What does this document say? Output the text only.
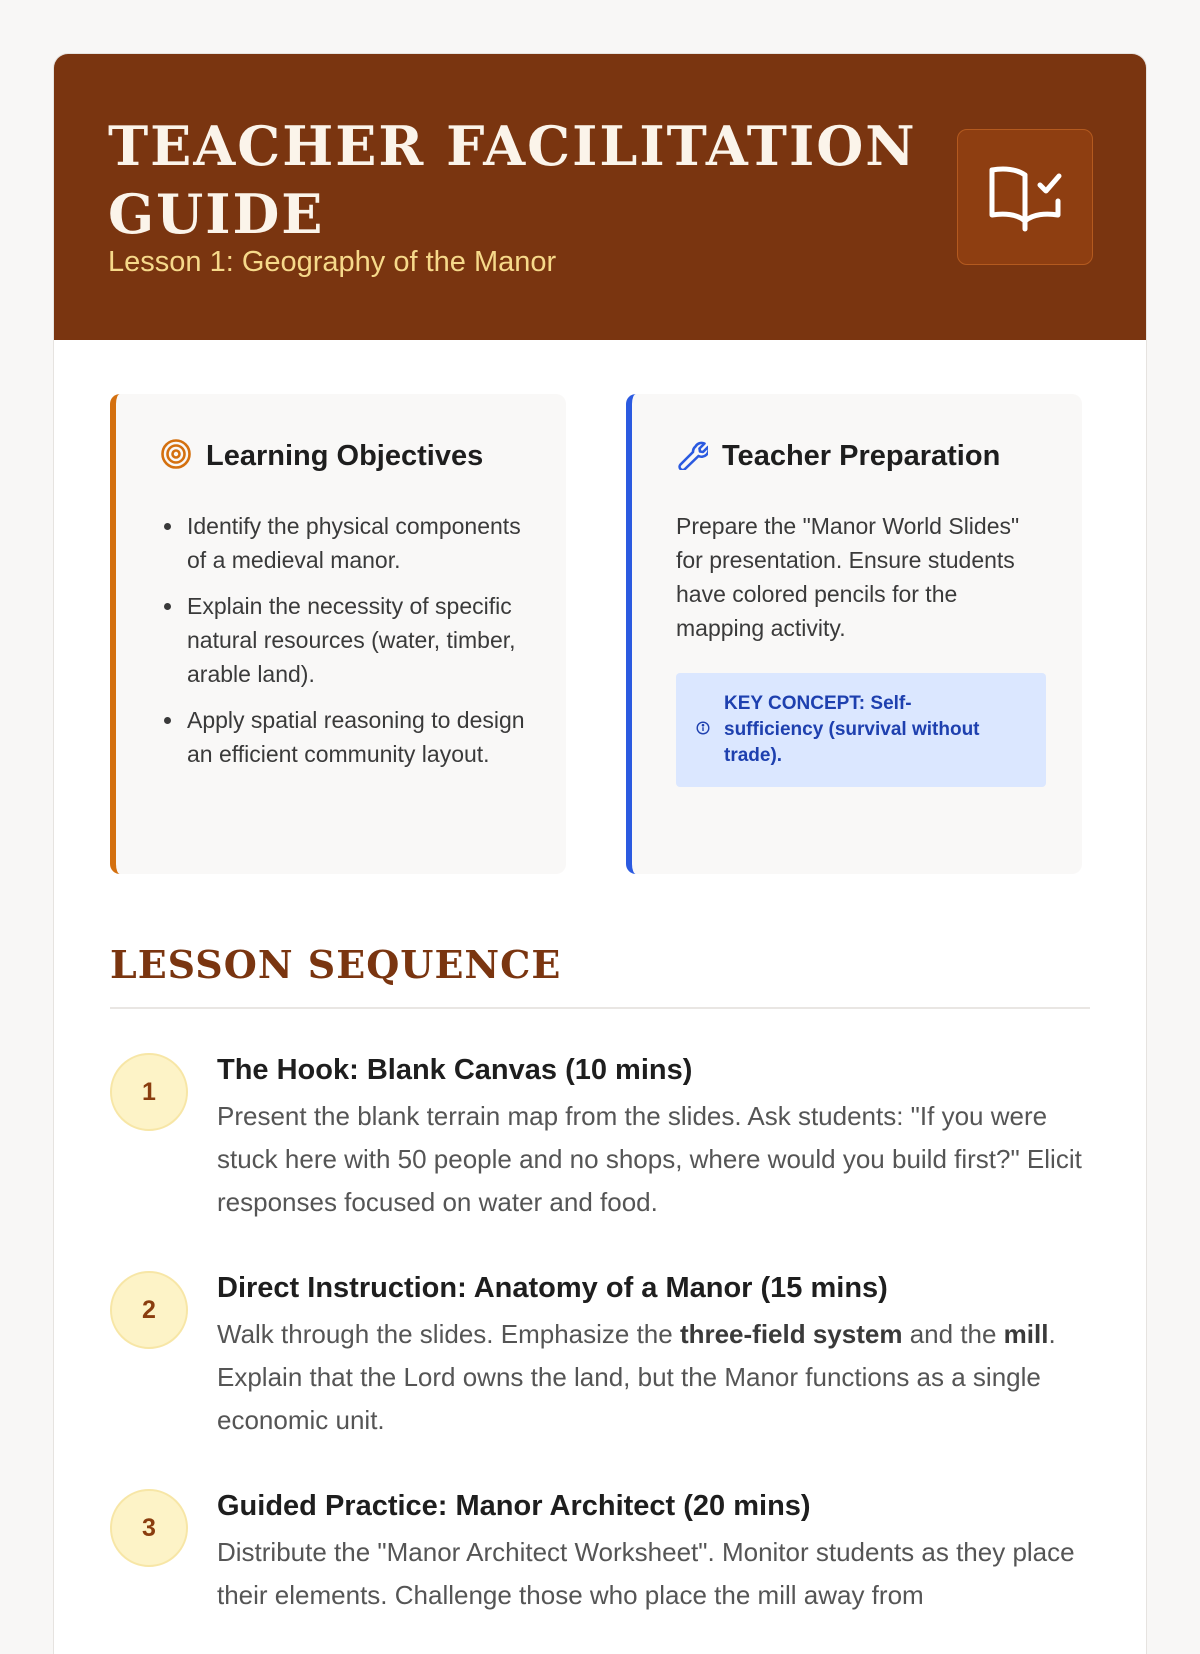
TEACHER FACILITATION GUIDE

Lesson 1: Geography of the Manor

Learning Objectives
• Identify the physical components of a medieval manor.
• Explain the necessity of specific natural resources (water, timber, arable land).
• Apply spatial reasoning to design an efficient community layout.
Teacher Preparation

Prepare the "Manor World Slides" for presentation. Ensure students have colored pencils for the mapping activity.

KEY CONCEPT: Self-sufficiency (survival without trade).
LESSON SEQUENCE
1
The Hook: Blank Canvas (10 mins)

Present the blank terrain map from the slides. Ask students: "If you were stuck here with 50 people and no shops, where would you build first?" Elicit responses focused on water and food.

2
Direct Instruction: Anatomy of a Manor (15 mins)

Walk through the slides. Emphasize the three-field system and the mill. Explain that the Lord owns the land, but the Manor functions as a single economic unit.

3
Guided Practice: Manor Architect (20 mins)

Distribute the "Manor Architect Worksheet". Monitor students as they place their elements. Challenge those who place the mill away from
